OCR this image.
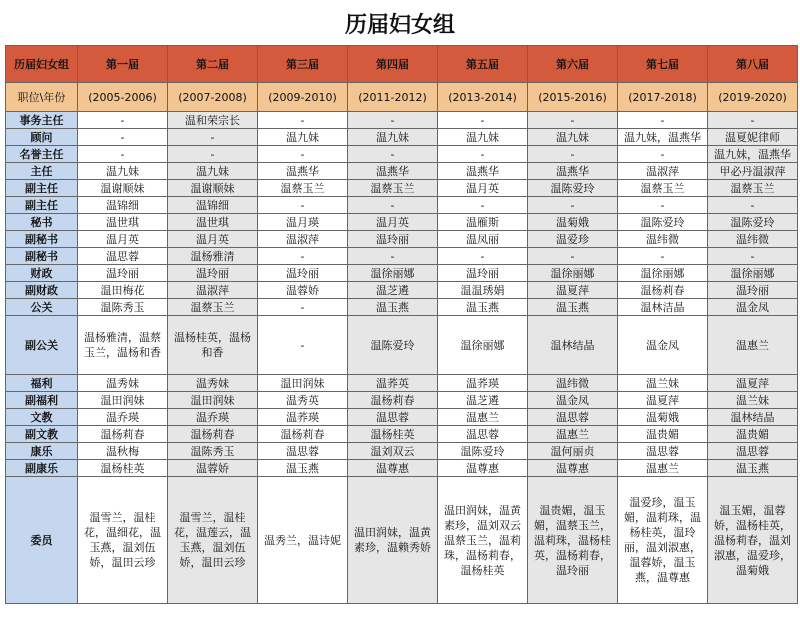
历届妇女组
历届妇女组	第一届	第二届	第三届	第四届	第五届	第六届	第七届	第八届
职位\年份	(2005-2006)	(2007-2008)	(2009-2010)	(2011-2012)	(2013-2014)	(2015-2016)	(2017-2018)	(2019-2020)
事务主任	-	温和荣宗长	-	-	-	-	-	-
顾问	-	-	温九妹	温九妹	温九妹	温九妹	温九妹，温燕华	温夏妮律师
名誉主任	-	-	-	-	-	-	-	温九妹，温燕华
主任	温九妹	温九妹	温燕华	温燕华	温燕华	温燕华	温淑萍	甲必丹温淑萍
副主任	温谢顺妹	温谢顺妹	温蔡玉兰	温蔡玉兰	温月英	温陈爱玲	温蔡玉兰	温蔡玉兰
副主任	温锦细	温锦细	-	-	-	-	-	-
秘书	温世琪	温世琪	温月瑛	温月英	温雁斯	温菊娥	温陈爱玲	温陈爱玲
副秘书	温月英	温月英	温淑萍	温玲丽	温凤丽	温爱珍	温纬微	温纬微
副秘书	温思蓉	温杨雅清	-	-	-	-	-	-
财政	温玲丽	温玲丽	温玲丽	温徐丽娜	温玲丽	温徐丽娜	温徐丽娜	温徐丽娜
副财政	温田梅花	温淑萍	温蓉娇	温芝遴	温温琇娟	温夏萍	温杨莉春	温玲丽
公关	温陈秀玉	温蔡玉兰	-	温玉燕	温玉燕	温玉燕	温林洁晶	温金凤
副公关	温杨雅清，温蔡玉兰，温杨和香	温杨桂英，温杨和香	-	温陈爱玲	温徐丽娜	温林结晶	温金凤	温惠兰
福利	温秀妹	温秀妹	温田润妹	温荞英	温荞瑛	温纬微	温兰妹	温夏萍
副福利	温田润妹	温田润妹	温秀英	温杨莉春	温芝遴	温金凤	温夏萍	温兰妹
文教	温乔瑛	温乔瑛	温荞瑛	温思蓉	温惠兰	温思蓉	温菊娥	温林结晶
副文教	温杨莉春	温杨莉春	温杨莉春	温杨桂英	温思蓉	温惠兰	温贵媚	温贵媚
康乐	温秋梅	温陈秀玉	温思蓉	温刘双云	温陈爱玲	温何丽贞	温思蓉	温思蓉
副康乐	温杨桂英	温蓉娇	温玉燕	温尊惠	温尊惠	温尊惠	温惠兰	温玉燕
委员	温雪兰，温桂花，温细花，温玉燕，温刘伍娇，温田云珍	温雪兰，温桂花，温莲云，温玉燕，温刘伍娇，温田云珍	温秀兰，温诗妮	温田润妹，温黄素珍，温赖秀娇	温田润妹，温黄素珍，温刘双云温蔡玉兰，温莉珠，温杨莉春，温杨桂英	温贵媚，温玉媚，温蔡玉兰，温莉珠，温杨桂英，温杨莉春，温玲丽	温爱珍，温玉媚，温莉珠，温杨桂英，温玲丽，温刘淑惠，温蓉娇，温玉燕，温尊惠	温玉媚，温蓉娇，温杨桂英，温杨莉春，温刘淑惠，温爱珍，温菊娥
